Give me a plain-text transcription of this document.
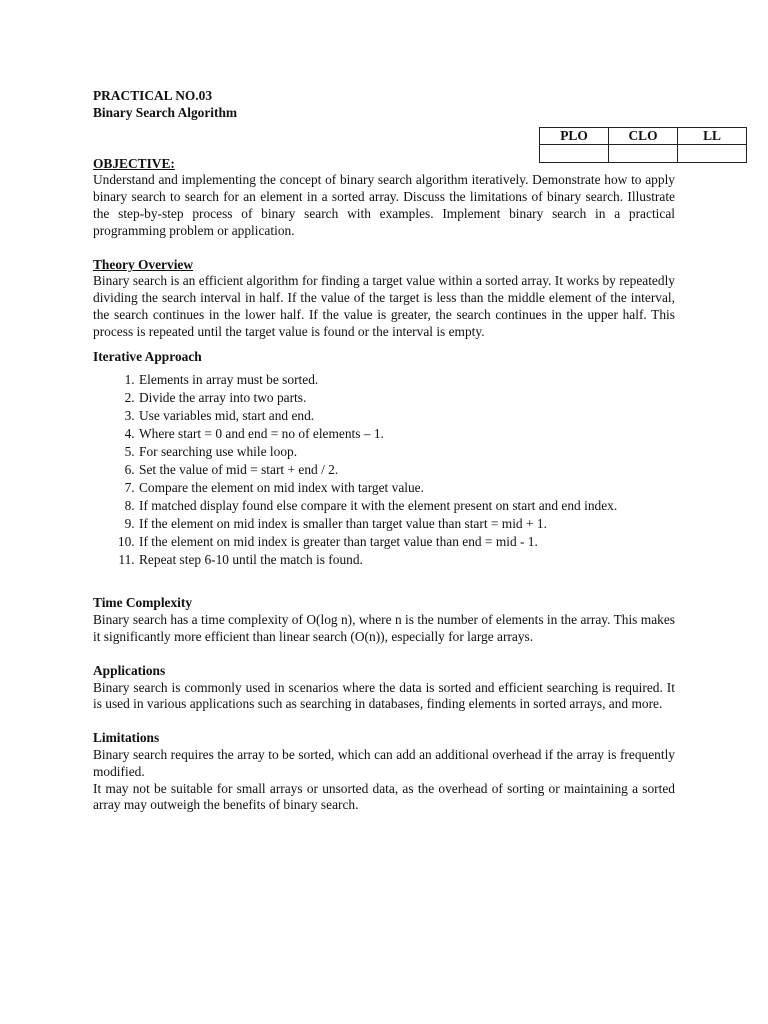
PLO	CLO	LL

PRACTICAL NO.03
Binary Search Algorithm
OBJECTIVE:

Understand and implementing the concept of binary search algorithm iteratively. Demonstrate how to apply binary search to search for an element in a sorted array. Discuss the limitations of binary search. Illustrate the step-by-step process of binary search with examples. Implement binary search in a practical programming problem or application.

Theory Overview

Binary search is an efficient algorithm for finding a target value within a sorted array. It works by repeatedly dividing the search interval in half. If the value of the target is less than the middle element of the interval, the search continues in the lower half. If the value is greater, the search continues in the upper half. This process is repeated until the target value is found or the interval is empty.

Iterative Approach
1. Elements in array must be sorted.
2. Divide the array into two parts.
3. Use variables mid, start and end.
4. Where start = 0 and end = no of elements – 1.
5. For searching use while loop.
6. Set the value of mid = start + end / 2.
7. Compare the element on mid index with target value.
8. If matched display found else compare it with the element present on start and end index.
9. If the element on mid index is smaller than target value than start = mid + 1.
10. If the element on mid index is greater than target value than end = mid - 1.
11. Repeat step 6-10 until the match is found.
Time Complexity

Binary search has a time complexity of O(log n), where n is the number of elements in the array. This makes it significantly more efficient than linear search (O(n)), especially for large arrays.

Applications

Binary search is commonly used in scenarios where the data is sorted and efficient searching is required. It is used in various applications such as searching in databases, finding elements in sorted arrays, and more.

Limitations

Binary search requires the array to be sorted, which can add an additional overhead if the array is frequently modified.

It may not be suitable for small arrays or unsorted data, as the overhead of sorting or maintaining a sorted array may outweigh the benefits of binary search.
